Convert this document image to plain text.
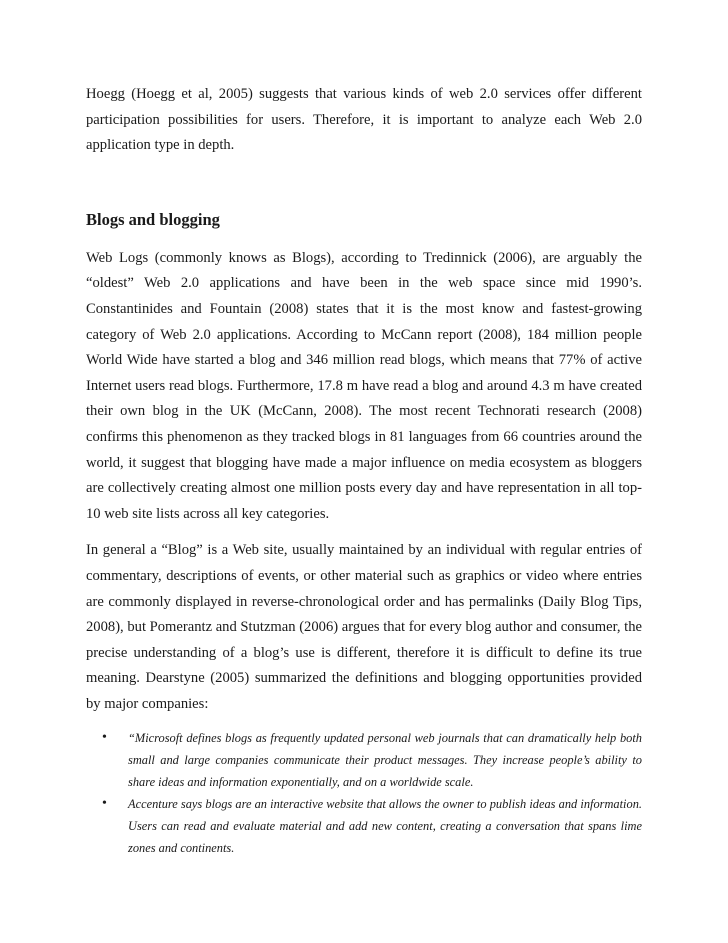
Hoegg (Hoegg et al, 2005) suggests that various kinds of web 2.0 services offer different participation possibilities for users. Therefore, it is important to analyze each Web 2.0 application type in depth.

Blogs and blogging

Web Logs (commonly knows as Blogs), according to Tredinnick (2006), are arguably the “oldest” Web 2.0 applications and have been in the web space since mid 1990’s. Constantinides and Fountain (2008) states that it is the most know and fastest-growing category of Web 2.0 applications. According to McCann report (2008), 184 million people World Wide have started a blog and 346 million read blogs, which means that 77% of active Internet users read blogs. Furthermore, 17.8 m have read a blog and around 4.3 m have created their own blog in the UK (McCann, 2008). The most recent Technorati research (2008) confirms this phenomenon as they tracked blogs in 81 languages from 66 countries around the world, it suggest that blogging have made a major influence on media ecosystem as bloggers are collectively creating almost one million posts every day and have representation in all top-10 web site lists across all key categories.

In general a “Blog” is a Web site, usually maintained by an individual with regular entries of commentary, descriptions of events, or other material such as graphics or video where entries are commonly displayed in reverse-chronological order and has permalinks (Daily Blog Tips, 2008), but Pomerantz and Stutzman (2006) argues that for every blog author and consumer, the precise understanding of a blog’s use is different, therefore it is difficult to define its true meaning. Dearstyne (2005) summarized the definitions and blogging opportunities provided by major companies:

• “Microsoft defines blogs as frequently updated personal web journals that can dramatically help both small and large companies communicate their product messages. They increase people’s ability to share ideas and information exponentially, and on a worldwide scale.
• Accenture says blogs are an interactive website that allows the owner to publish ideas and information. Users can read and evaluate material and add new content, creating a conversation that spans lime zones and continents.
